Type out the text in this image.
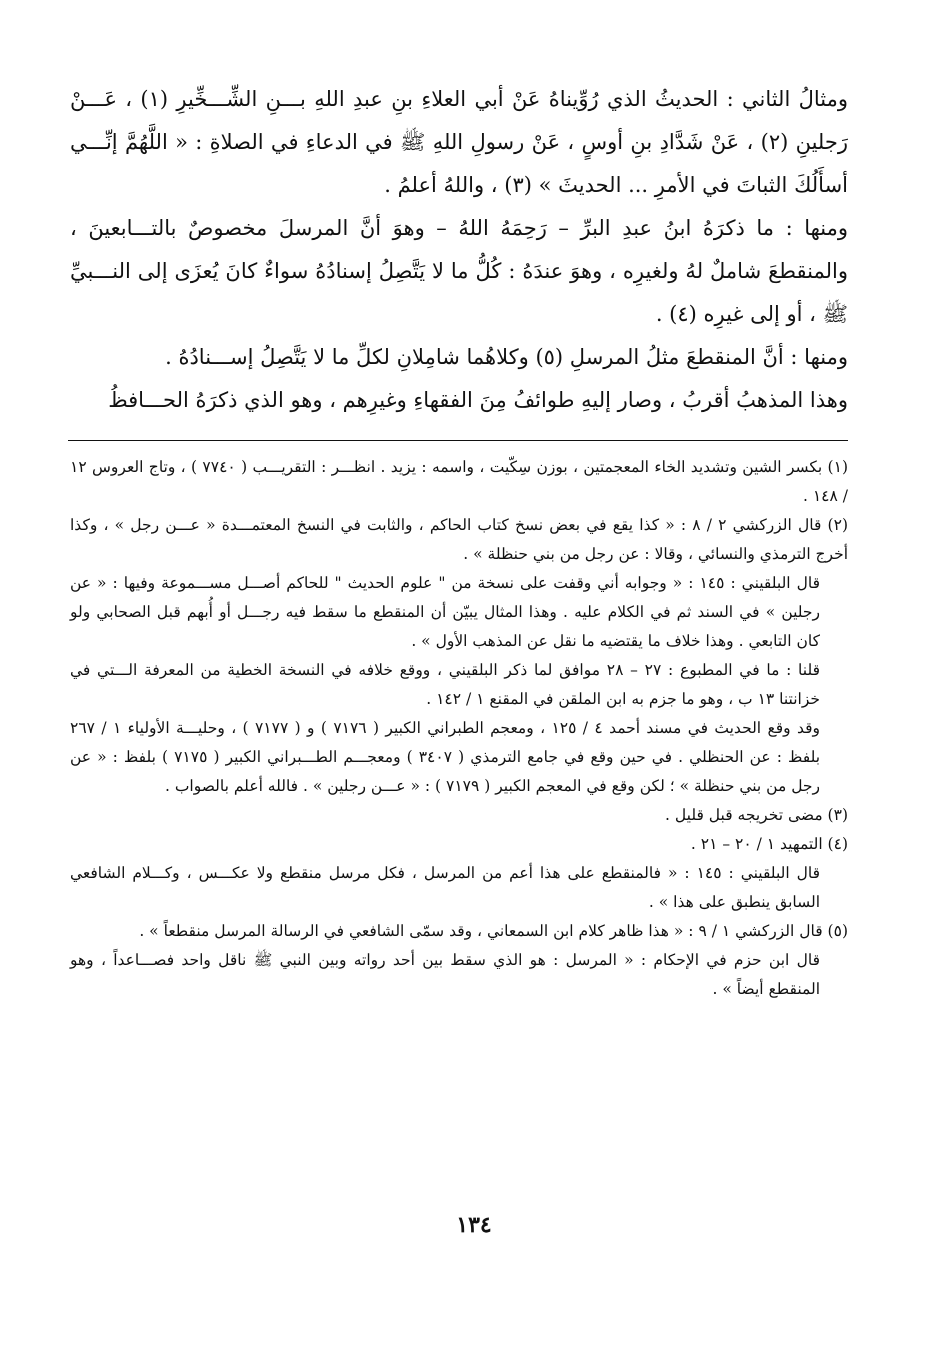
ومثالُ الثاني : الحديثُ الذي رُوِّيناهُ عَنْ أبي العلاءِ بنِ عبدِ اللهِ بـــنِ الشِّـــخِّيرِ (١) ، عَـــنْ رَجلينِ (٢) ، عَنْ شَدَّادِ بنِ أوسٍ ، عَنْ رسولِ اللهِ ﷺ في الدعاءِ في الصلاةِ : « اللَّهُمَّ إنِّـــي أسأَلُكَ الثباتَ في الأمرِ ... الحديثَ » (٣) ، واللهُ أعلمُ .

ومنها : ما ذكرَهُ ابنُ عبدِ البرِّ – رَحِمَهُ اللهُ – وهوَ أنَّ المرسلَ مخصوصٌ بالتـــابعينَ ، والمنقطعَ شاملٌ لهُ ولغيرِه ، وهوَ عندَهُ : كُلُّ ما لا يَتَّصِلُ إسنادُهُ سواءٌ كانَ يُعزَى إلى النـــبيِّ ﷺ ، أو إلى غيرِه (٤) .

ومنها : أنَّ المنقطعَ مثلُ المرسلِ (٥) وكلاهُما شامِلانِ لكلِّ ما لا يَتَّصِلُ إســـنادُهُ .

وهذا المذهبُ أقربُ ، وصار إليهِ طوائفُ مِنَ الفقهاءِ وغيرِهم ، وهو الذي ذكرَهُ الحـــافظُ

(١) بكسر الشين وتشديد الخاء المعجمتين ، بوزن سِكّيت ، واسمه : يزيد . انظـــر : التقريـــب ( ٧٧٤٠ ) ، وتاج العروس ١٢ / ١٤٨ .

(٢) قال الزركشي ٢ / ٨ : « كذا يقع في بعض نسخ كتاب الحاكم ، والثابت في النسخ المعتمـــدة « عـــن رجل » ، وكذا أخرج الترمذي والنسائي ، وقالا : عن رجل من بني حنظلة » .

قال البلقيني : ١٤٥ : « وجوابه أني وقفت على نسخة من " علوم الحديث " للحاكم أصـــل مســـموعة وفيها : « عن رجلين » في السند ثم في الكلام عليه . وهذا المثال يبيّن أن المنقطع ما سقط فيه رجـــل أو أُبهم قبل الصحابي ولو كان التابعي . وهذا خلاف ما يقتضيه ما نقل عن المذهب الأول » .

قلنا : ما في المطبوع : ٢٧ – ٢٨ موافق لما ذكر البلقيني ، ووقع خلافه في النسخة الخطية من المعرفة الـــتي في خزانتنا ١٣ ب ، وهو ما جزم به ابن الملقن في المقنع ١ / ١٤٢ .

وقد وقع الحديث في مسند أحمد ٤ / ١٢٥ ، ومعجم الطبراني الكبير ( ٧١٧٦ ) و ( ٧١٧٧ ) ، وحليـــة الأولياء ١ / ٢٦٧ بلفظ : عن الحنظلي . في حين وقع في جامع الترمذي ( ٣٤٠٧ ) ومعجـــم الطـــبراني الكبير ( ٧١٧٥ ) بلفظ : « عن رجل من بني حنظلة » ؛ لكن وقع في المعجم الكبير ( ٧١٧٩ ) : « عـــن رجلين » . فالله أعلم بالصواب .

(٣) مضى تخريجه قبل قليل .

(٤) التمهيد ١ / ٢٠ – ٢١ .

قال البلقيني : ١٤٥ : « فالمنقطع على هذا أعم من المرسل ، فكل مرسل منقطع ولا عكـــس ، وكـــلام الشافعي السابق ينطبق على هذا » .

(٥) قال الزركشي ١ / ٩ : « هذا ظاهر كلام ابن السمعاني ، وقد سمّى الشافعي في الرسالة المرسل منقطعاً » .

قال ابن حزم في الإحكام : « المرسل : هو الذي سقط بين أحد رواته وبين النبي ﷺ ناقل واحد فصـــاعداً ، وهو المنقطع أيضاً » .

١٣٤
